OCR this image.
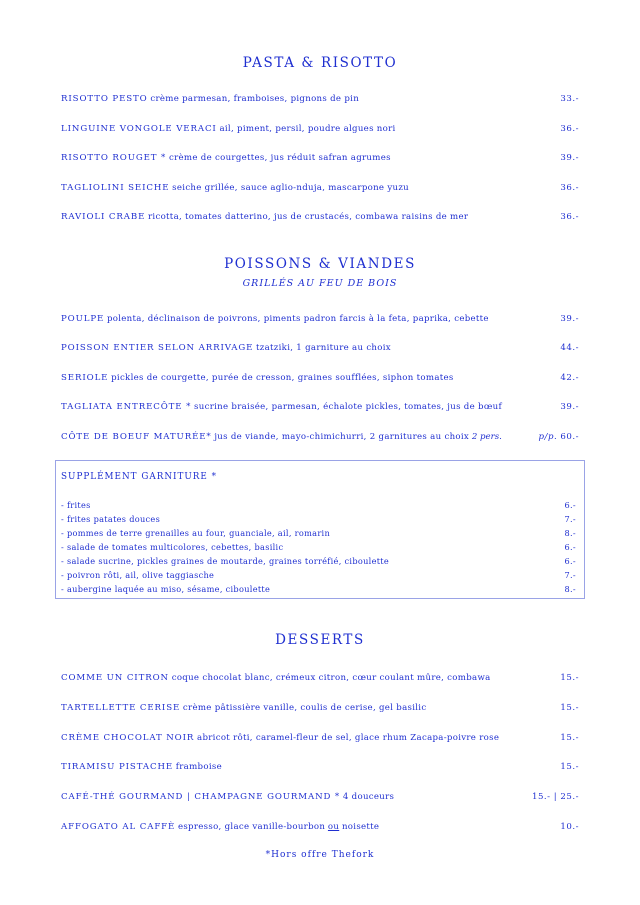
PASTA & RISOTTO
RISOTTO PESTO crème parmesan, framboises, pignons de pin	33.-
LINGUINE VONGOLE VERACI ail, piment, persil, poudre algues nori	36.-
RISOTTO ROUGET * crème de courgettes, jus réduit safran agrumes	39.-
TAGLIOLINI SEICHE seiche grillée, sauce aglio-nduja, mascarpone yuzu	36.-
RAVIOLI CRABE ricotta, tomates datterino, jus de crustacés, combawa raisins de mer	36.-
POISSONS & VIANDES
GRILLÉS AU FEU DE BOIS
POULPE polenta, déclinaison de poivrons, piments padron farcis à la feta, paprika, cebette	39.-
POISSON ENTIER SELON ARRIVAGE tzatziki, 1 garniture au choix	44.-
SERIOLE pickles de courgette, purée de cresson, graines soufflées, siphon tomates	42.-
TAGLIATA ENTRECÔTE * sucrine braisée, parmesan, échalote pickles, tomates, jus de bœuf	39.-
CÔTE DE BOEUF MATURÉE* jus de viande, mayo-chimichurri, 2 garnitures au choix 2 pers.	p/p. 60.-
SUPPLÉMENT GARNITURE *
- frites	6.-
- frites patates douces	7.-
- pommes de terre grenailles au four, guanciale, ail, romarin	8.-
- salade de tomates multicolores, cebettes, basilic	6.-
- salade sucrine, pickles graines de moutarde, graines torréfié, ciboulette	6.-
- poivron rôti, ail, olive taggiasche	7.-
- aubergine laquée au miso, sésame, ciboulette	8.-
DESSERTS
COMME UN CITRON coque chocolat blanc, crémeux citron, cœur coulant mûre, combawa	15.-
TARTELLETTE CERISE crème pâtissière vanille, coulis de cerise, gel basilic	15.-
CRÈME CHOCOLAT NOIR abricot rôti, caramel-fleur de sel, glace rhum Zacapa-poivre rose	15.-
TIRAMISU PISTACHE framboise	15.-
CAFÉ-THÉ GOURMAND | CHAMPAGNE GOURMAND * 4 douceurs	15.- | 25.-
AFFOGATO AL CAFFÈ espresso, glace vanille-bourbon ou noisette	10.-
*Hors offre Thefork
